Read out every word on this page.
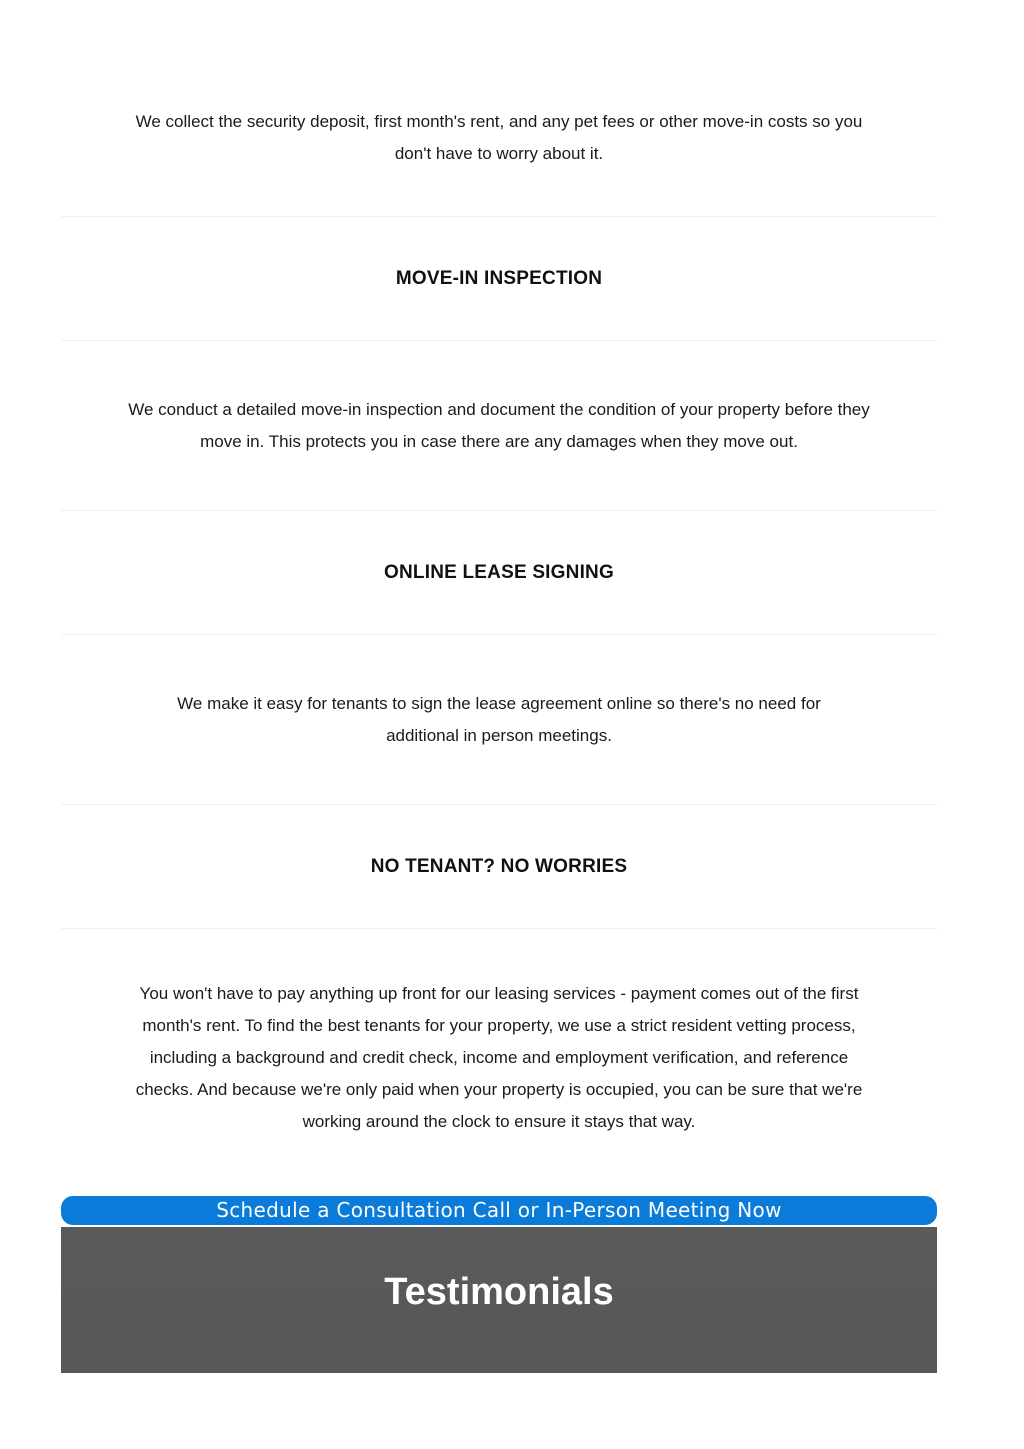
We collect the security deposit, first month's rent, and any pet fees or other move-in costs so you don't have to worry about it.

MOVE-IN INSPECTION

We conduct a detailed move-in inspection and document the condition of your property before they move in. This protects you in case there are any damages when they move out.

ONLINE LEASE SIGNING

We make it easy for tenants to sign the lease agreement online so there's no need for additional in person meetings.

NO TENANT? NO WORRIES

You won't have to pay anything up front for our leasing services - payment comes out of the first month's rent. To find the best tenants for your property, we use a strict resident vetting process, including a background and credit check, income and employment verification, and reference checks. And because we're only paid when your property is occupied, you can be sure that we're working around the clock to ensure it stays that way.

Schedule a Consultation Call or In-Person Meeting Now
Testimonials
